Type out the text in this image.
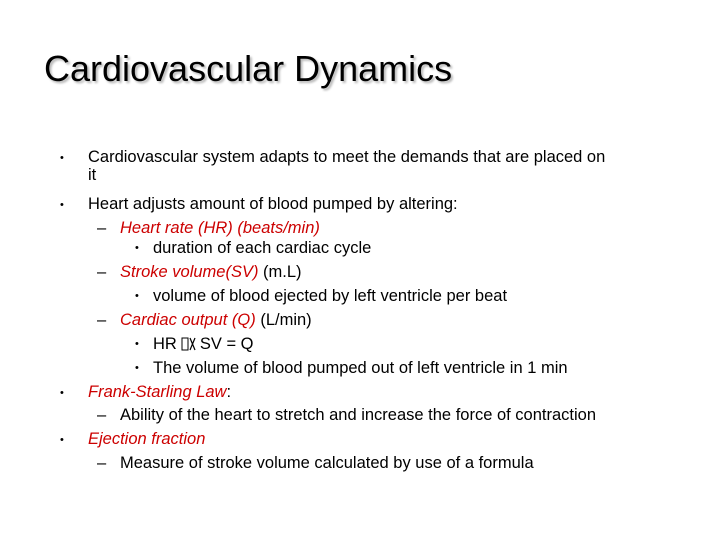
Cardiovascular Dynamics
• Cardiovascular system adapts to meet the demands that are placed on
it
• Heart adjusts amount of blood pumped by altering:
– Heart rate (HR) (beats/min)
• duration of each cardiac cycle
– Stroke volume(SV) (m.L)
• volume of blood ejected by left ventricle per beat
– Cardiac output (Q) (L/min)
• HR SV = Q
• The volume of blood pumped out of left ventricle in 1 min
• Frank-Starling Law:
– Ability of the heart to stretch and increase the force of contraction
• Ejection fraction
– Measure of stroke volume calculated by use of a formula
